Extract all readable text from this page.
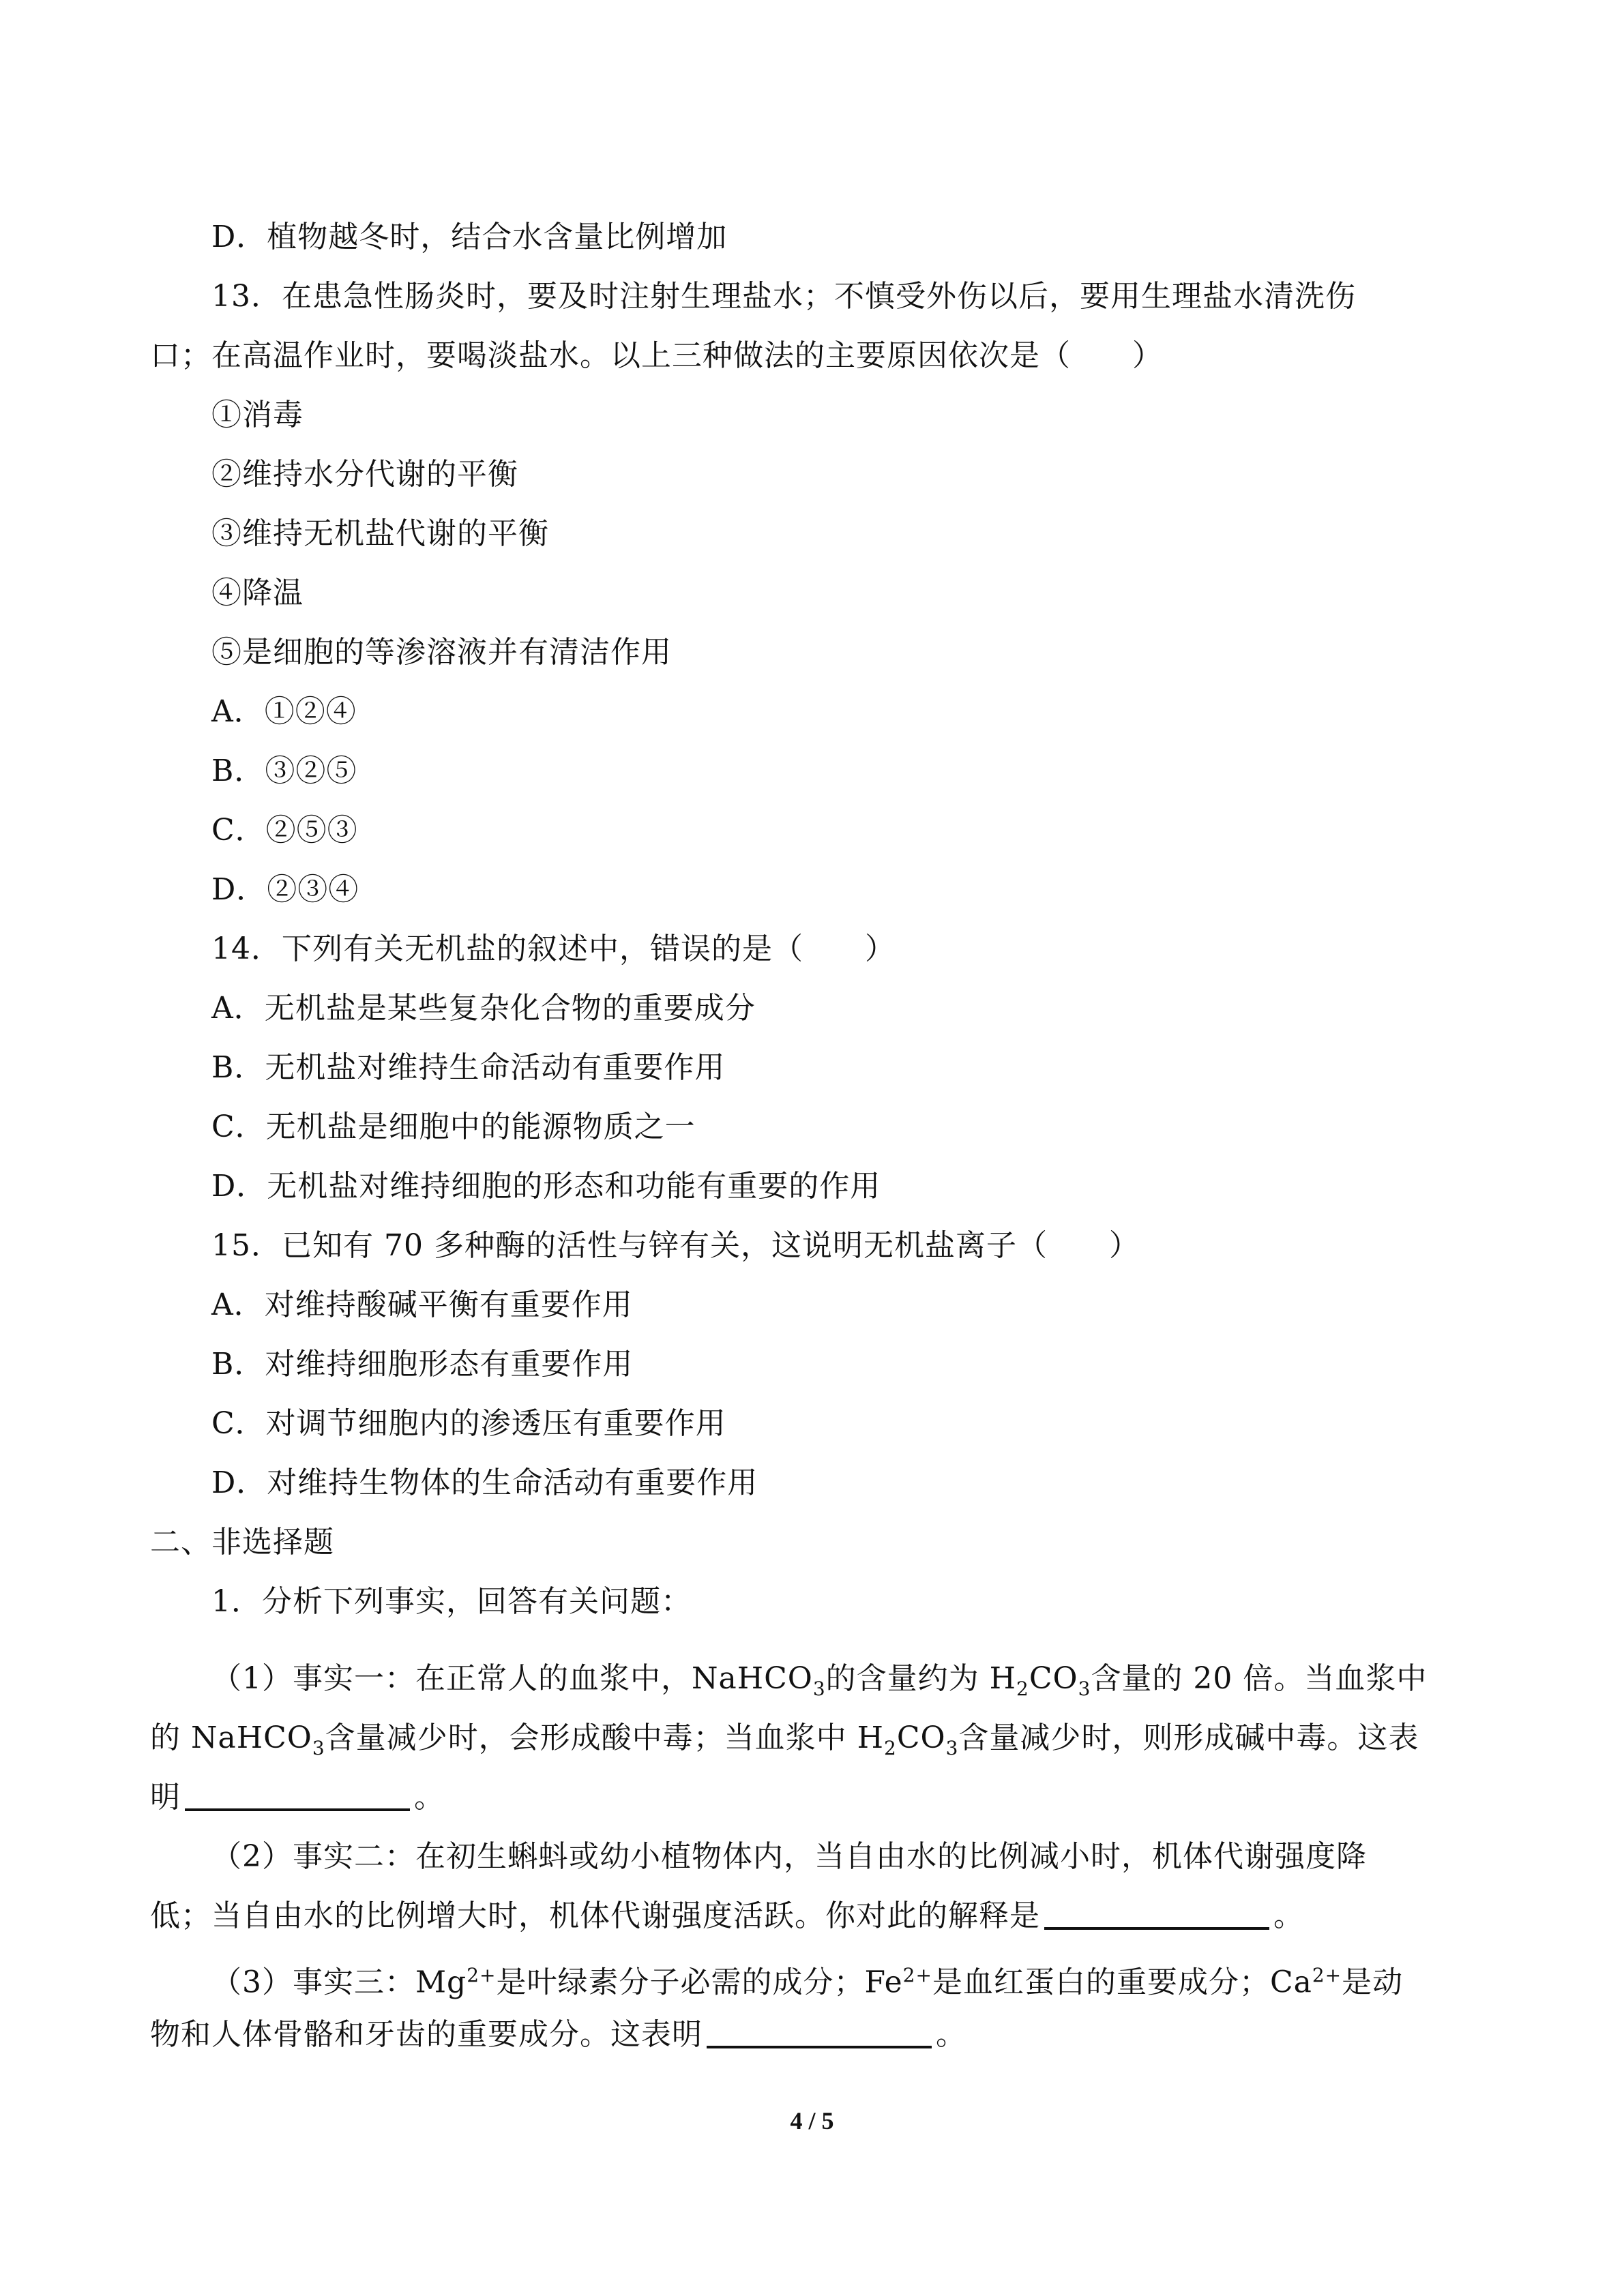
D．植物越冬时，结合水含量比例增加
13．在患急性肠炎时，要及时注射生理盐水；不慎受外伤以后，要用生理盐水清洗伤
口；在高温作业时，要喝淡盐水。以上三种做法的主要原因依次是（　　）
①消毒
②维持水分代谢的平衡
③维持无机盐代谢的平衡
④降温
⑤是细胞的等渗溶液并有清洁作用
A．①②④
B．③②⑤
C．②⑤③
D．②③④
14．下列有关无机盐的叙述中，错误的是（　　）
A．无机盐是某些复杂化合物的重要成分
B．无机盐对维持生命活动有重要作用
C．无机盐是细胞中的能源物质之一
D．无机盐对维持细胞的形态和功能有重要的作用
15．已知有 70 多种酶的活性与锌有关，这说明无机盐离子（　　）
A．对维持酸碱平衡有重要作用
B．对维持细胞形态有重要作用
C．对调节细胞内的渗透压有重要作用
D．对维持生物体的生命活动有重要作用
二、非选择题
1．分析下列事实，回答有关问题：
（1）事实一：在正常人的血浆中，NaHCO$_3$的含量约为 $H_2CO_3$含量的 20 倍。当血浆中
的 NaHCO$_3$含量减少时，会形成酸中毒；当血浆中 $H_2CO_3$含量减少时，则形成碱中毒。这表
明	。
（2）事实二：在初生蝌蚪或幼小植物体内，当自由水的比例减小时，机体代谢强度降
低；当自由水的比例增大时，机体代谢强度活跃。你对此的解释是	。
（3）事实三：$Mg^{2+}$是叶绿素分子必需的成分；$Fe^{2+}$是血红蛋白的重要成分；$Ca^{2+}$是动
物和人体骨骼和牙齿的重要成分。这表明	。
4 / 5
